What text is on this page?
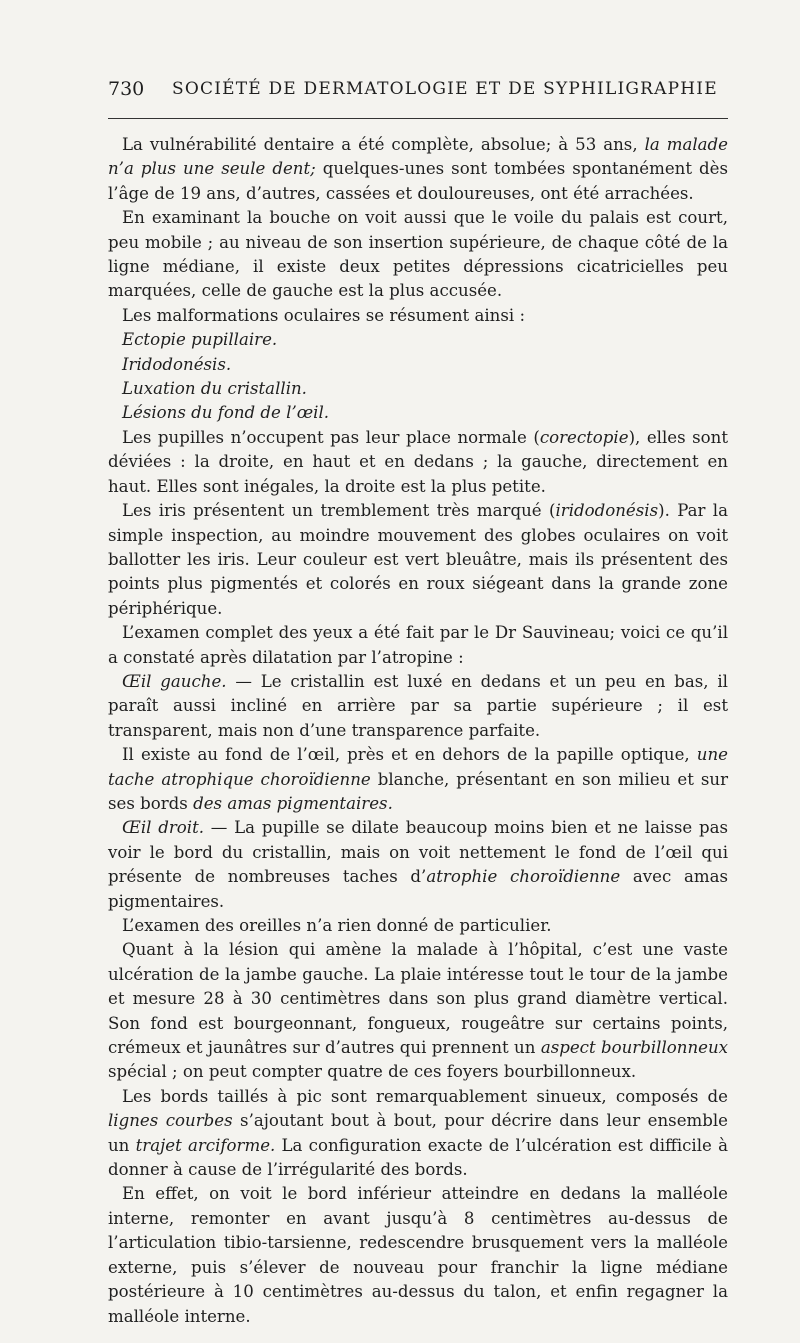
730 SOCIÉTÉ DE DERMATOLOGIE ET DE SYPHILIGRAPHIE

La vulnérabilité dentaire a été complète, absolue; à 53 ans, la malade n’a plus une seule dent; quelques-unes sont tombées spontanément dès l’âge de 19 ans, d’autres, cassées et douloureuses, ont été arrachées.

En examinant la bouche on voit aussi que le voile du palais est court, peu mobile ; au niveau de son insertion supérieure, de chaque côté de la ligne médiane, il existe deux petites dépressions cicatricielles peu marquées, celle de gauche est la plus accusée.

Les malformations oculaires se résument ainsi :

Ectopie pupillaire.

Iridodonésis.

Luxation du cristallin.

Lésions du fond de l’œil.

Les pupilles n’occupent pas leur place normale (corectopie), elles sont déviées : la droite, en haut et en dedans ; la gauche, directement en haut. Elles sont inégales, la droite est la plus petite.

Les iris présentent un tremblement très marqué (iridodonésis). Par la simple inspection, au moindre mouvement des globes oculaires on voit ballotter les iris. Leur couleur est vert bleuâtre, mais ils présentent des points plus pigmentés et colorés en roux siégeant dans la grande zone périphérique.

L’examen complet des yeux a été fait par le Dr Sauvineau; voici ce qu’il a constaté après dilatation par l’atropine :

Œil gauche. — Le cristallin est luxé en dedans et un peu en bas, il paraît aussi incliné en arrière par sa partie supérieure ; il est transparent, mais non d’une transparence parfaite.

Il existe au fond de l’œil, près et en dehors de la papille optique, une tache atrophique choroïdienne blanche, présentant en son milieu et sur ses bords des amas pigmentaires.

Œil droit. — La pupille se dilate beaucoup moins bien et ne laisse pas voir le bord du cristallin, mais on voit nettement le fond de l’œil qui présente de nombreuses taches d’atrophie choroïdienne avec amas pigmentaires.

L’examen des oreilles n’a rien donné de particulier.

Quant à la lésion qui amène la malade à l’hôpital, c’est une vaste ulcération de la jambe gauche. La plaie intéresse tout le tour de la jambe et mesure 28 à 30 centimètres dans son plus grand diamètre vertical. Son fond est bourgeonnant, fongueux, rougeâtre sur certains points, crémeux et jaunâtres sur d’autres qui prennent un aspect bourbillonneux spécial ; on peut compter quatre de ces foyers bourbillonneux.

Les bords taillés à pic sont remarquablement sinueux, composés de lignes courbes s’ajoutant bout à bout, pour décrire dans leur ensemble un trajet arciforme. La configuration exacte de l’ulcération est difficile à donner à cause de l’irrégularité des bords.

En effet, on voit le bord inférieur atteindre en dedans la malléole interne, remonter en avant jusqu’à 8 centimètres au-dessus de l’articulation tibio-tarsienne, redescendre brusquement vers la malléole externe, puis s’élever de nouveau pour franchir la ligne médiane postérieure à 10 centimètres au-dessus du talon, et enfin regagner la malléole interne.
